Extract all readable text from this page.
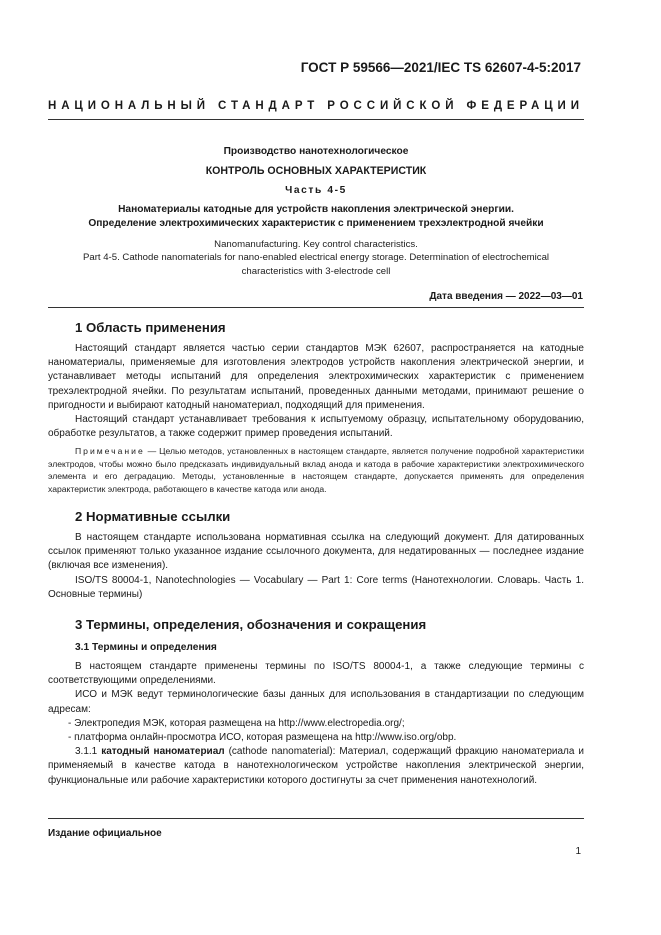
ГОСТ Р 59566—2021/IEC TS 62607-4-5:2017
НАЦИОНАЛЬНЫЙ СТАНДАРТ РОССИЙСКОЙ ФЕДЕРАЦИИ
Производство нанотехнологическое
КОНТРОЛЬ ОСНОВНЫХ ХАРАКТЕРИСТИК
Часть 4-5
Наноматериалы катодные для устройств накопления электрической энергии.
Определение электрохимических характеристик с применением трехэлектродной ячейки
Nanomanufacturing. Key control characteristics.
Part 4-5. Cathode nanomaterials for nano-enabled electrical energy storage. Determination of electrochemical
characteristics with 3-electrode cell
Дата введения — 2022—03—01
1 Область применения

Настоящий стандарт является частью серии стандартов МЭК 62607, распространяется на катодные наноматериалы, применяемые для изготовления электродов устройств накопления электрической энергии, и устанавливает методы испытаний для определения электрохимических характеристик с применением трехэлектродной ячейки. По результатам испытаний, проведенных данными методами, принимают решение о пригодности и выбирают катодный наноматериал, подходящий для применения.

Настоящий стандарт устанавливает требования к испытуемому образцу, испытательному оборудованию, обработке результатов, а также содержит пример проведения испытаний.

Примечание — Целью методов, установленных в настоящем стандарте, является получение подробной характеристики электродов, чтобы можно было предсказать индивидуальный вклад анода и катода в рабочие характеристики электрохимического элемента и его деградацию. Методы, установленные в настоящем стандарте, допускается применять для определения характеристик электрода, работающего в качестве катода или анода.

2 Нормативные ссылки

В настоящем стандарте использована нормативная ссылка на следующий документ. Для датированных ссылок применяют только указанное издание ссылочного документа, для недатированных — последнее издание (включая все изменения).

ISO/TS 80004-1, Nanotechnologies — Vocabulary — Part 1: Core terms (Нанотехнологии. Словарь. Часть 1. Основные термины)

3 Термины, определения, обозначения и сокращения
3.1 Термины и определения

В настоящем стандарте применены термины по ISO/TS 80004-1, а также следующие термины с соответствующими определениями.

ИСО и МЭК ведут терминологические базы данных для использования в стандартизации по следующим адресам:

- Электропедия МЭК, которая размещена на http://www.electropedia.org/;

- платформа онлайн-просмотра ИСО, которая размещена на http://www.iso.org/obp.

3.1.1 катодный наноматериал (cathode nanomaterial): Материал, содержащий фракцию наноматериала и применяемый в качестве катода в нанотехнологическом устройстве накопления электрической энергии, функциональные или рабочие характеристики которого достигнуты за счет применения нанотехнологий.

Издание официальное
1
